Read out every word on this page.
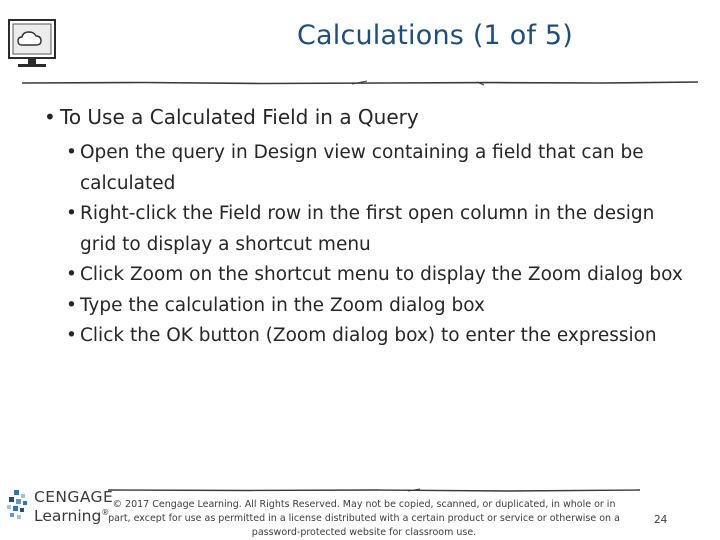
Calculations (1 of 5)
• To Use a Calculated Field in a Query
• Open the query in Design view containing a field that can be calculated
• Right-click the Field row in the first open column in the design grid to display a shortcut menu
• Click Zoom on the shortcut menu to display the Zoom dialog box
• Type the calculation in the Zoom dialog box
• Click the OK button (Zoom dialog box) to enter the expression
CENGAGE
Learning®
© 2017 Cengage Learning. All Rights Reserved. May not be copied, scanned, or duplicated, in whole or in part, except for use as permitted in a license distributed with a certain product or service or otherwise on a password-protected website for classroom use.
24
